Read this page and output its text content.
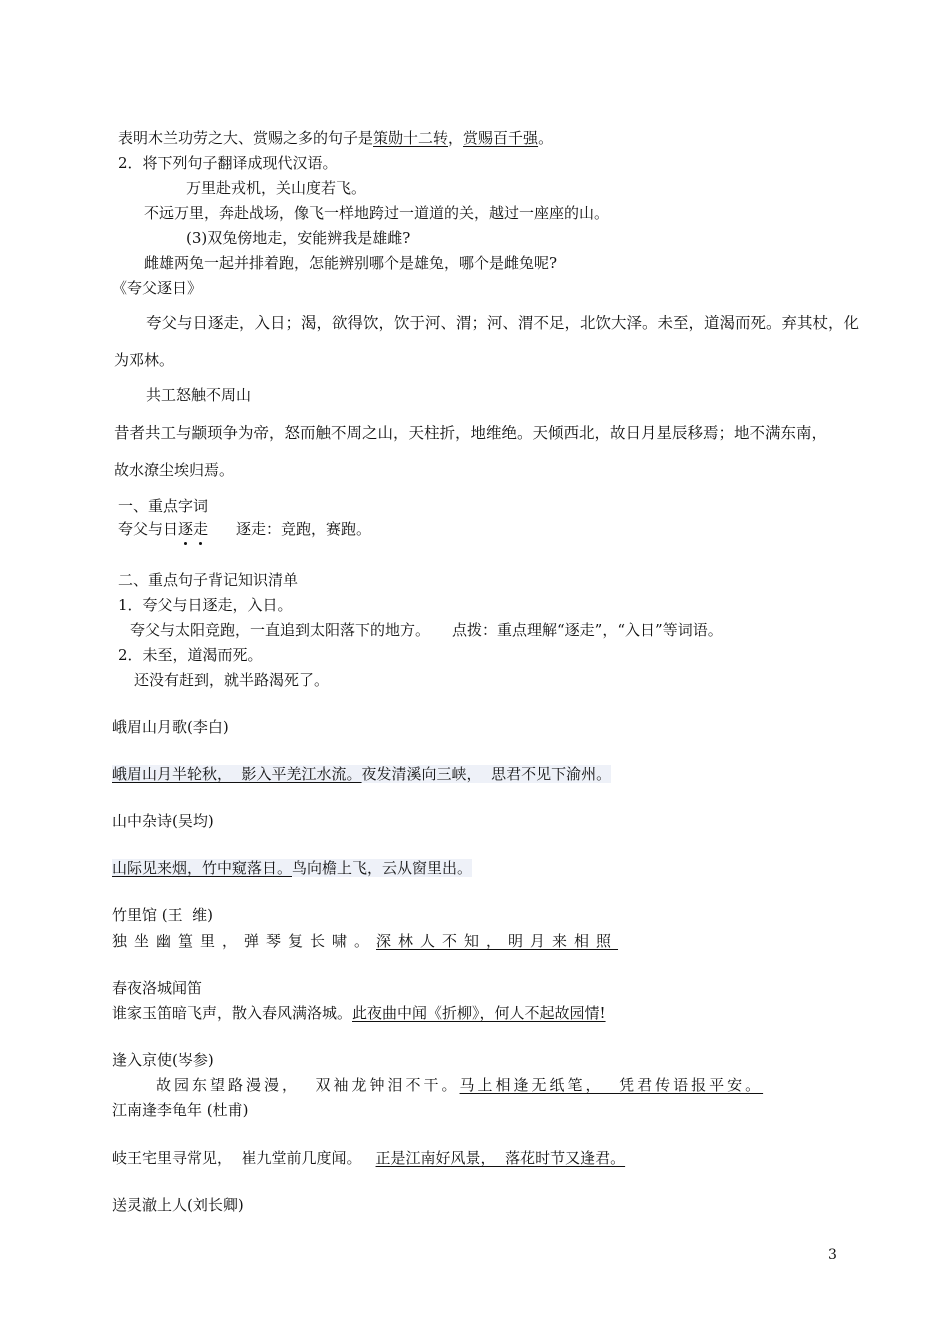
表明木兰功劳之大、赏赐之多的句子是策勋十二转，赏赐百千强。
2．将下列句子翻译成现代汉语。
万里赴戎机，关山度若飞。
不远万里，奔赴战场，像飞一样地跨过一道道的关，越过一座座的山。
(3)双兔傍地走，安能辨我是雄雌?
雌雄两兔一起并排着跑，怎能辨别哪个是雄兔，哪个是雌兔呢?
《夸父逐日》
夸父与日逐走，入日；渴，欲得饮，饮于河、渭；河、渭不足，北饮大泽。未至，道渴而死。弃其杖，化
为邓林。
共工怒触不周山
昔者共工与颛顼争为帝，怒而触不周之山，天柱折，地维绝。天倾西北，故日月星辰移焉；地不满东南，
故水潦尘埃归焉。
一、重点字词
夸父与日逐走 逐走：竞跑，赛跑。
二、重点句子背记知识清单
1．夸父与日逐走，入日。
夸父与太阳竞跑，一直追到太阳落下的地方。 点拨：重点理解“逐走”，“入日”等词语。
2．未至，道渴而死。
还没有赶到，就半路渴死了。
峨眉山月歌(李白)
峨眉山月半轮秋，  影入平羌江水流。夜发清溪向三峡，  思君不见下渝州。
山中杂诗(吴均)
山际见来烟，竹中窥落日。鸟向檐上飞，云从窗里出。
竹里馆 (王  维)
独坐幽篁里，弹琴复长啸。深林人不知，明月来相照
春夜洛城闻笛
谁家玉笛暗飞声，散入春风满洛城。此夜曲中闻《折柳》，何人不起故园情!
逢入京使(岑参)
故园东望路漫漫，  双袖龙钟泪不干。马上相逢无纸笔，  凭君传语报平安。
江南逢李龟年 (杜甫)
岐王宅里寻常见，  崔九堂前几度闻。 正是江南好风景，  落花时节又逢君。
送灵澈上人(刘长卿)
3
